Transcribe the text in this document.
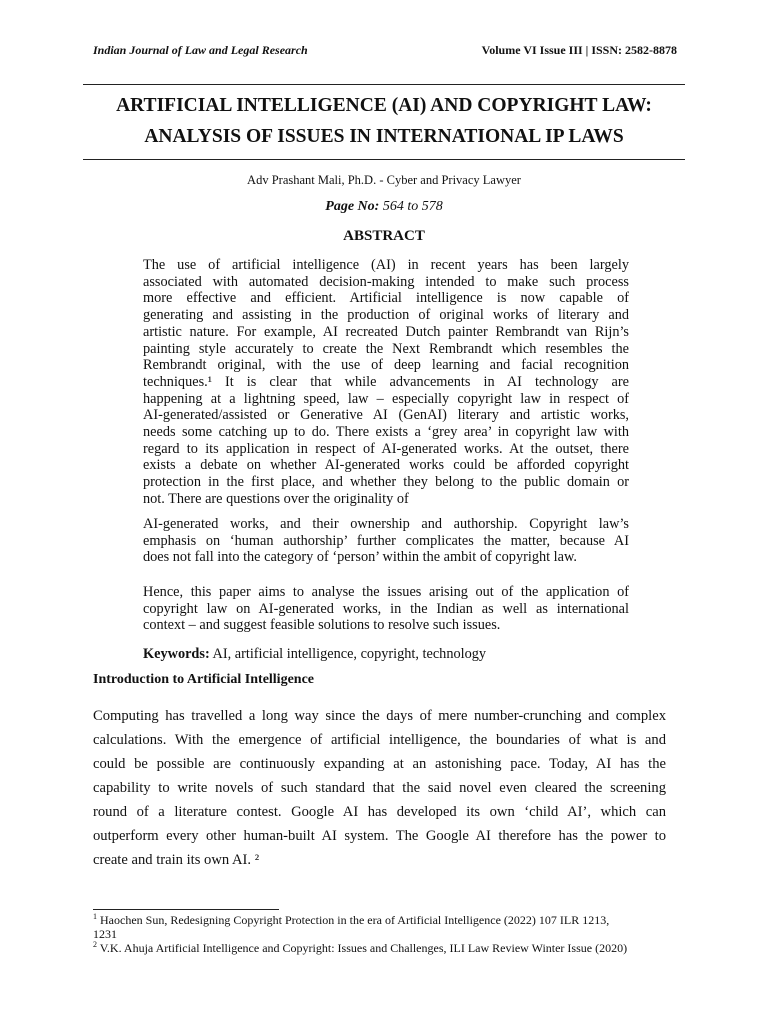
Indian Journal of Law and Legal Research	Volume VI Issue III | ISSN: 2582-8878
ARTIFICIAL INTELLIGENCE (AI) AND COPYRIGHT LAW:
ANALYSIS OF ISSUES IN INTERNATIONAL IP LAWS
Adv Prashant Mali, Ph.D. - Cyber and Privacy Lawyer
Page No: 564 to 578
ABSTRACT
The use of artificial intelligence (AI) in recent years has been largely
associated with automated decision-making intended to make such process
more effective and efficient. Artificial intelligence is now capable of
generating and assisting in the production of original works of literary and
artistic nature. For example, AI recreated Dutch painter Rembrandt van Rijn’s
painting style accurately to create the Next Rembrandt which resembles the
Rembrandt original, with the use of deep learning and facial recognition
techniques.¹ It is clear that while advancements in AI technology are
happening at a lightning speed, law – especially copyright law in respect of
AI-generated/assisted or Generative AI (GenAI) literary and artistic works,
needs some catching up to do. There exists a ‘grey area’ in copyright law with
regard to its application in respect of AI-generated works. At the outset, there
exists a debate on whether AI-generated works could be afforded copyright
protection in the first place, and whether they belong to the public domain or
not. There are questions over the originality of
AI-generated works, and their ownership and authorship. Copyright law’s
emphasis on ‘human authorship’ further complicates the matter, because AI
does not fall into the category of ‘person’ within the ambit of copyright law.
Hence, this paper aims to analyse the issues arising out of the application of
copyright law on AI-generated works, in the Indian as well as international
context – and suggest feasible solutions to resolve such issues.
Keywords: AI, artificial intelligence, copyright, technology
Introduction to Artificial Intelligence
Computing has travelled a long way since the days of mere number-crunching and complex
calculations. With the emergence of artificial intelligence, the boundaries of what is and
could be possible are continuously expanding at an astonishing pace. Today, AI has the
capability to write novels of such standard that the said novel even cleared the screening
round of a literature contest. Google AI has developed its own ‘child AI’, which can
outperform every other human-built AI system. The Google AI therefore has the power to
create and train its own AI. ²
$^1$ Haochen Sun, Redesigning Copyright Protection in the era of Artificial Intelligence (2022) 107 ILR 1213,
1231
$^2$ V.K. Ahuja Artificial Intelligence and Copyright: Issues and Challenges, ILI Law Review Winter Issue (2020)
